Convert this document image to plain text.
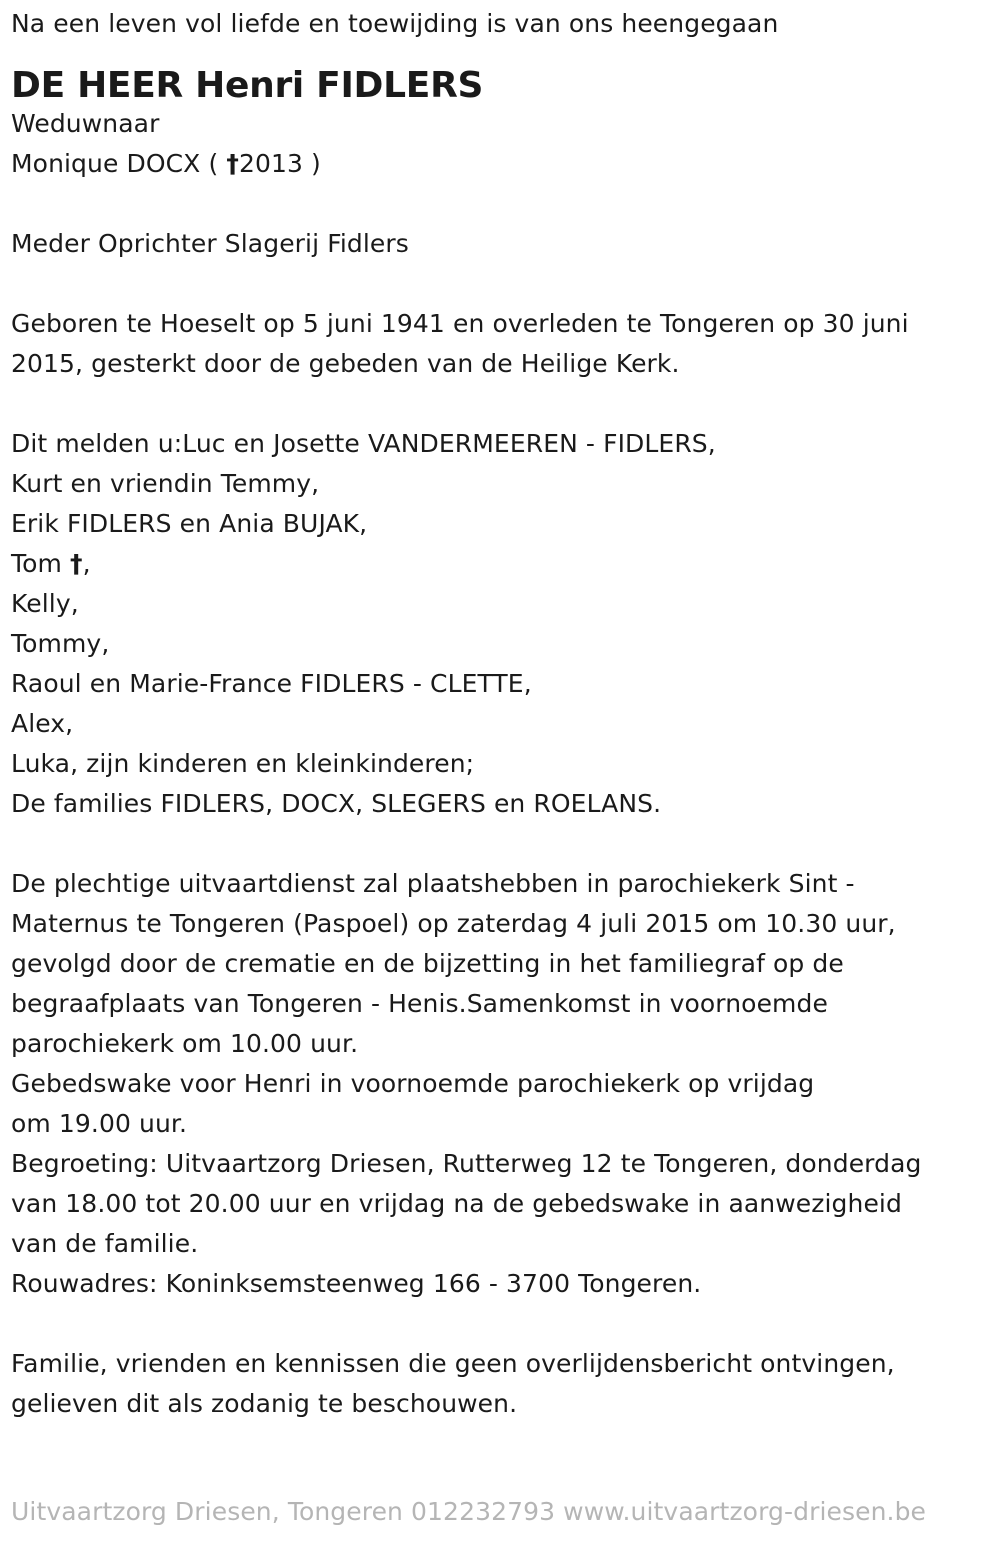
Na een leven vol liefde en toewijding is van ons heengegaan
DE HEER Henri FIDLERS
Weduwnaar
Monique DOCX ( †2013 )
Meder Oprichter Slagerij Fidlers
Geboren te Hoeselt op 5 juni 1941 en overleden te Tongeren op 30 juni
2015, gesterkt door de gebeden van de Heilige Kerk.
Dit melden u:Luc en Josette VANDERMEEREN - FIDLERS,
Kurt en vriendin Temmy,
Erik FIDLERS en Ania BUJAK,
Tom †,
Kelly,
Tommy,
Raoul en Marie-France FIDLERS - CLETTE,
Alex,
Luka, zijn kinderen en kleinkinderen;
De families FIDLERS, DOCX, SLEGERS en ROELANS.
De plechtige uitvaartdienst zal plaatshebben in parochiekerk Sint -
Maternus te Tongeren (Paspoel) op zaterdag 4 juli 2015 om 10.30 uur,
gevolgd door de crematie en de bijzetting in het familiegraf op de
begraafplaats van Tongeren - Henis.Samenkomst in voornoemde
parochiekerk om 10.00 uur.
Gebedswake voor Henri in voornoemde parochiekerk op vrijdag
om 19.00 uur.
Begroeting: Uitvaartzorg Driesen, Rutterweg 12 te Tongeren, donderdag
van 18.00 tot 20.00 uur en vrijdag na de gebedswake in aanwezigheid
van de familie.
Rouwadres: Koninksemsteenweg 166 - 3700 Tongeren.
Familie, vrienden en kennissen die geen overlijdensbericht ontvingen,
gelieven dit als zodanig te beschouwen.
Uitvaartzorg Driesen, Tongeren 012232793 www.uitvaartzorg-driesen.be
